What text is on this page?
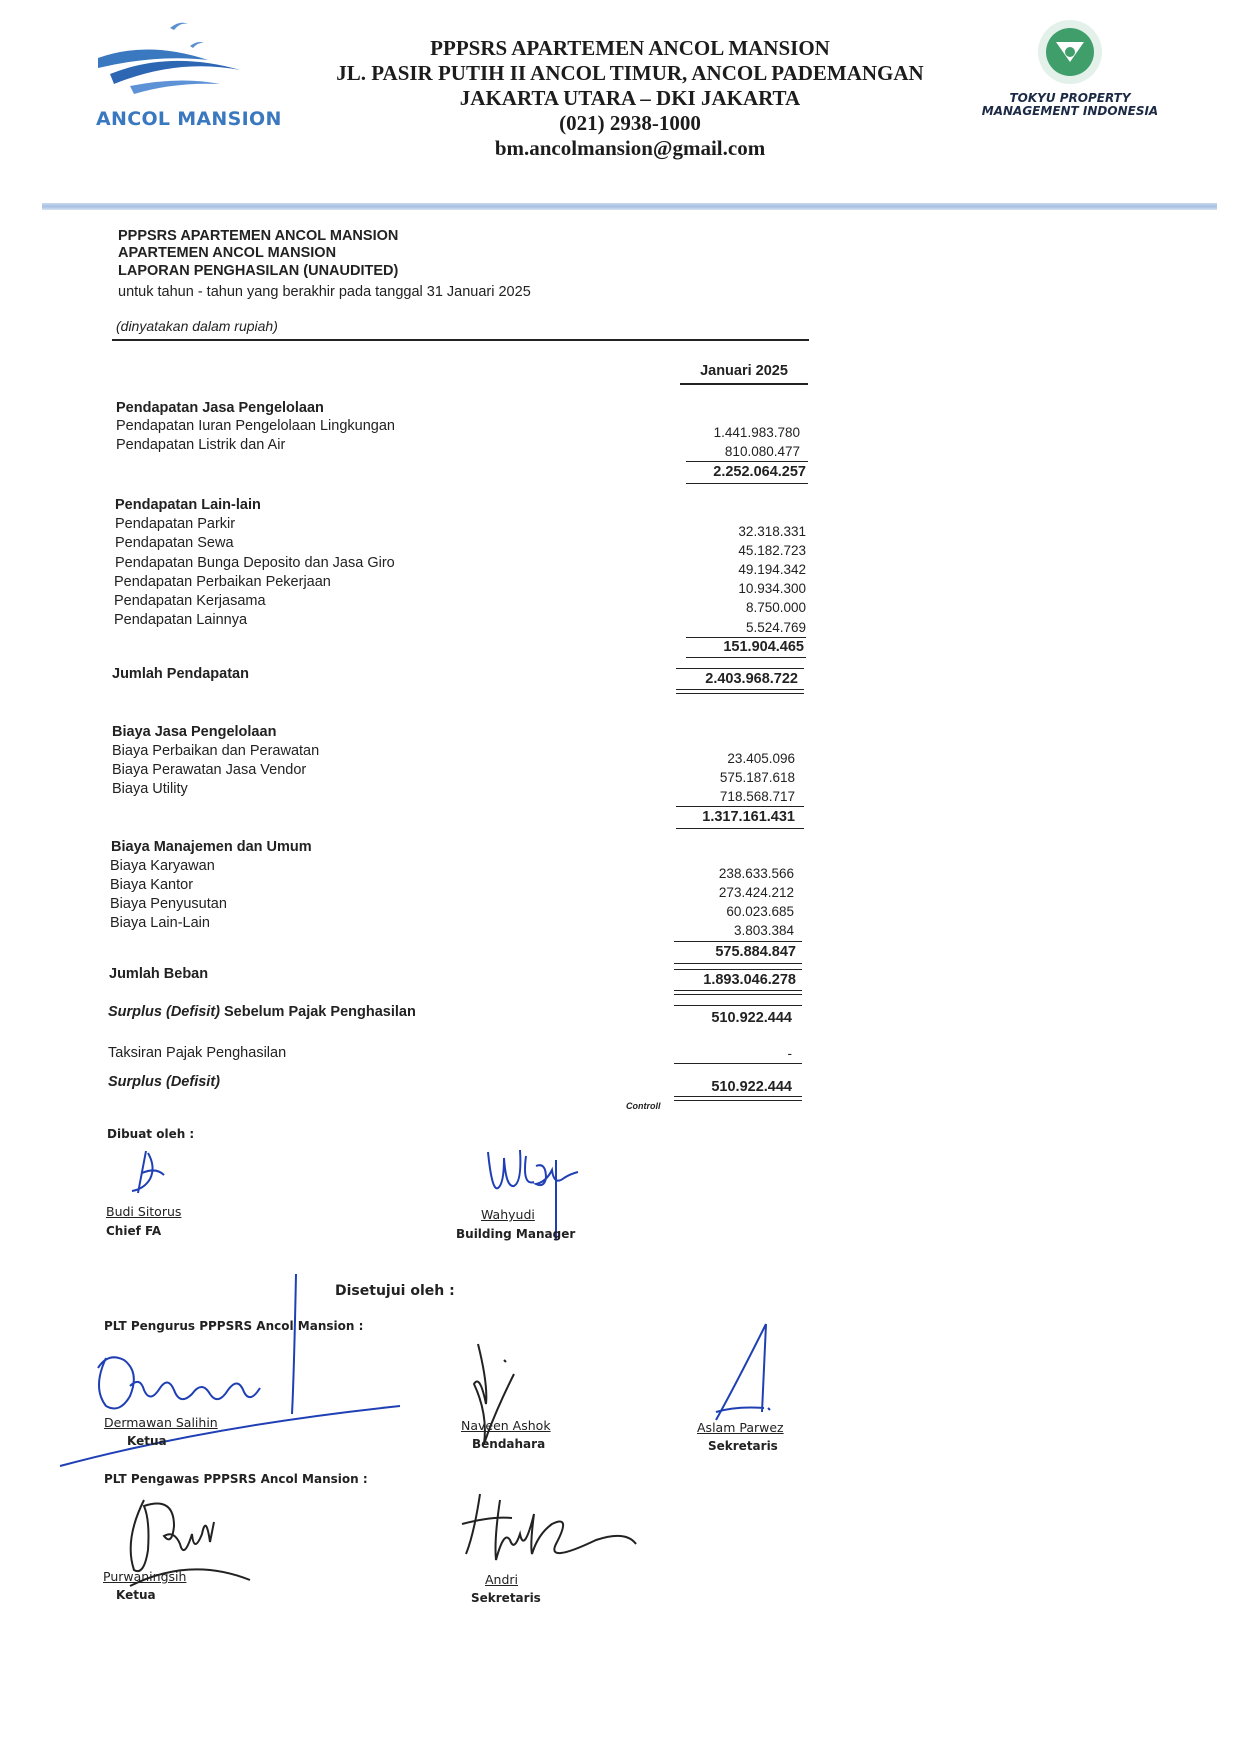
ANCOL MANSION
PPPSRS APARTEMEN ANCOL MANSION
JL. PASIR PUTIH II ANCOL TIMUR, ANCOL PADEMANGAN
JAKARTA UTARA – DKI JAKARTA
(021) 2938-1000
bm.ancolmansion@gmail.com
TOKYU PROPERTY
MANAGEMENT INDONESIA
PPPSRS APARTEMEN ANCOL MANSION
APARTEMEN ANCOL MANSION
LAPORAN PENGHASILAN (UNAUDITED)
untuk tahun - tahun yang berakhir pada tanggal 31 Januari 2025
(dinyatakan dalam rupiah)
Januari 2025
Pendapatan Jasa Pengelolaan
Pendapatan Iuran Pengelolaan Lingkungan	1.441.983.780
Pendapatan Listrik dan Air	810.080.477
2.252.064.257
Pendapatan Lain-lain
Pendapatan Parkir	32.318.331
Pendapatan Sewa	45.182.723
Pendapatan Bunga Deposito dan Jasa Giro	49.194.342
Pendapatan Perbaikan Pekerjaan	10.934.300
Pendapatan Kerjasama	8.750.000
Pendapatan Lainnya	5.524.769
151.904.465
Jumlah Pendapatan	2.403.968.722
Biaya Jasa Pengelolaan
Biaya Perbaikan dan Perawatan	23.405.096
Biaya Perawatan Jasa Vendor	575.187.618
Biaya Utility	718.568.717
1.317.161.431
Biaya Manajemen dan Umum
Biaya Karyawan	238.633.566
Biaya Kantor	273.424.212
Biaya Penyusutan	60.023.685
Biaya Lain-Lain	3.803.384
575.884.847
Jumlah Beban	1.893.046.278
Surplus (Defisit) Sebelum Pajak Penghasilan	510.922.444
Taksiran Pajak Penghasilan	-
Surplus (Defisit)	510.922.444
Controll
Dibuat oleh :
Budi Sitorus
Chief FA
Wahyudi
Building Manager
Disetujui oleh :
PLT Pengurus PPPSRS Ancol Mansion :
Dermawan Salihin
Ketua
Naveen Ashok
Bendahara
Aslam Parwez
Sekretaris
PLT Pengawas PPPSRS Ancol Mansion :
Purwaningsih
Ketua
Andri
Sekretaris
